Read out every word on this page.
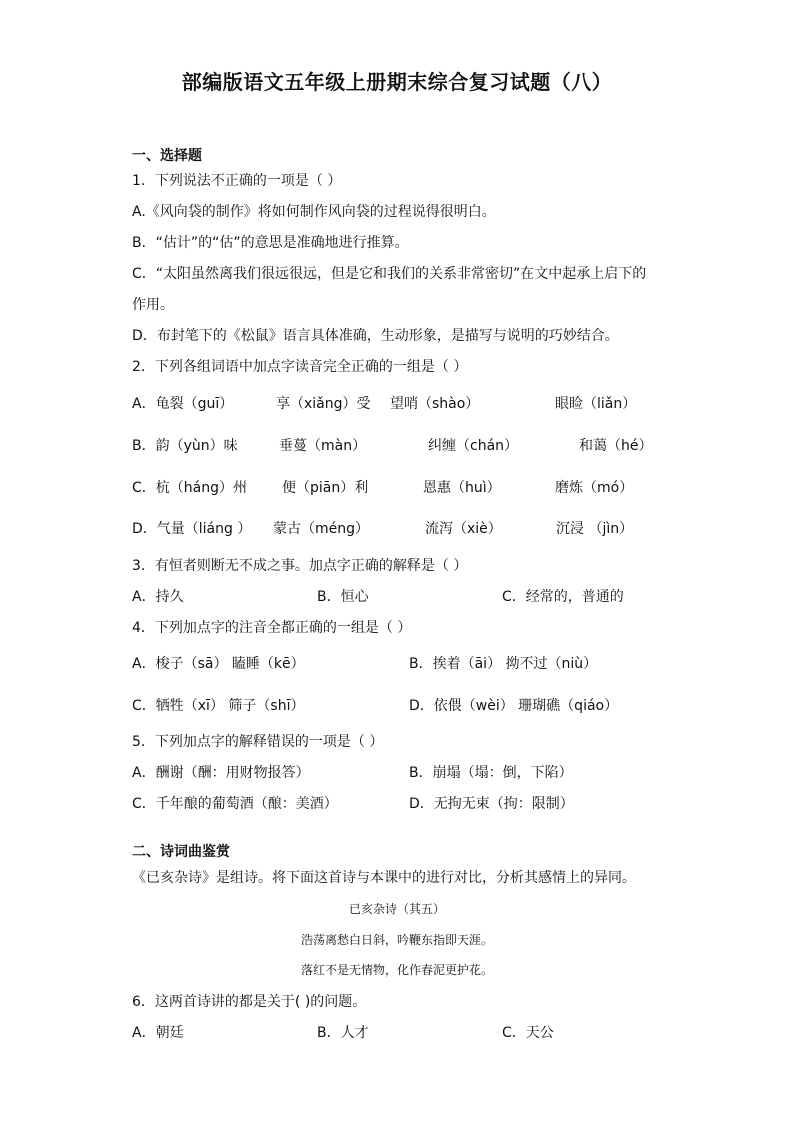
部编版语文五年级上册期末综合复习试题（八）
一、选择题
1．下列说法不正确的一项是（ ）
A.《风向袋的制作》将如何制作风向袋的过程说得很明白。
B．“估计”的“估”的意思是准确地进行推算。
C．“太阳虽然离我们很远很远，但是它和我们的关系非常密切”在文中起承上启下的
作用。
D．布封笔下的《松鼠》语言具体准确，生动形象，是描写与说明的巧妙结合。
2．下列各组词语中加点字读音完全正确的一组是（ ）
A．龟裂（guī）	享（xiǎng）受 望哨（shào）	眼睑（liǎn）
B．韵（yùn）味	垂蔓（màn）	纠缠（chán）	和蔼（hé）
C．杭（háng）州	便（piān）利	恩惠（huì）	磨炼（mó）
D．气量（liáng ） 蒙古（méng）	流泻（xiè）	沉浸 （jìn）
3．有恒者则断无不成之事。加点字正确的解释是（ ）
A．持久	B．恒心	C．经常的，普通的
4．下列加点字的注音全都正确的一组是（ ）
A．梭子（sā） 瞌睡（kē）	B．挨着（āi） 拗不过（niù）
C．牺牲（xī） 筛子（shī）	D．依偎（wèi） 珊瑚礁（qiáo）
5．下列加点字的解释错误的一项是（ ）
A．酬谢（酬：用财物报答）	B．崩塌（塌：倒，下陷）
C．千年酿的葡萄酒（酿：美酒）	D．无拘无束（拘：限制）
二、诗词曲鉴赏
《已亥杂诗》是组诗。将下面这首诗与本课中的进行对比，分析其感情上的异同。
已亥杂诗（其五）
浩荡离愁白日斜，吟鞭东指即天涯。
落红不是无情物，化作春泥更护花。
6．这两首诗讲的都是关于( )的问题。
A．朝廷	B．人才	C．天公
